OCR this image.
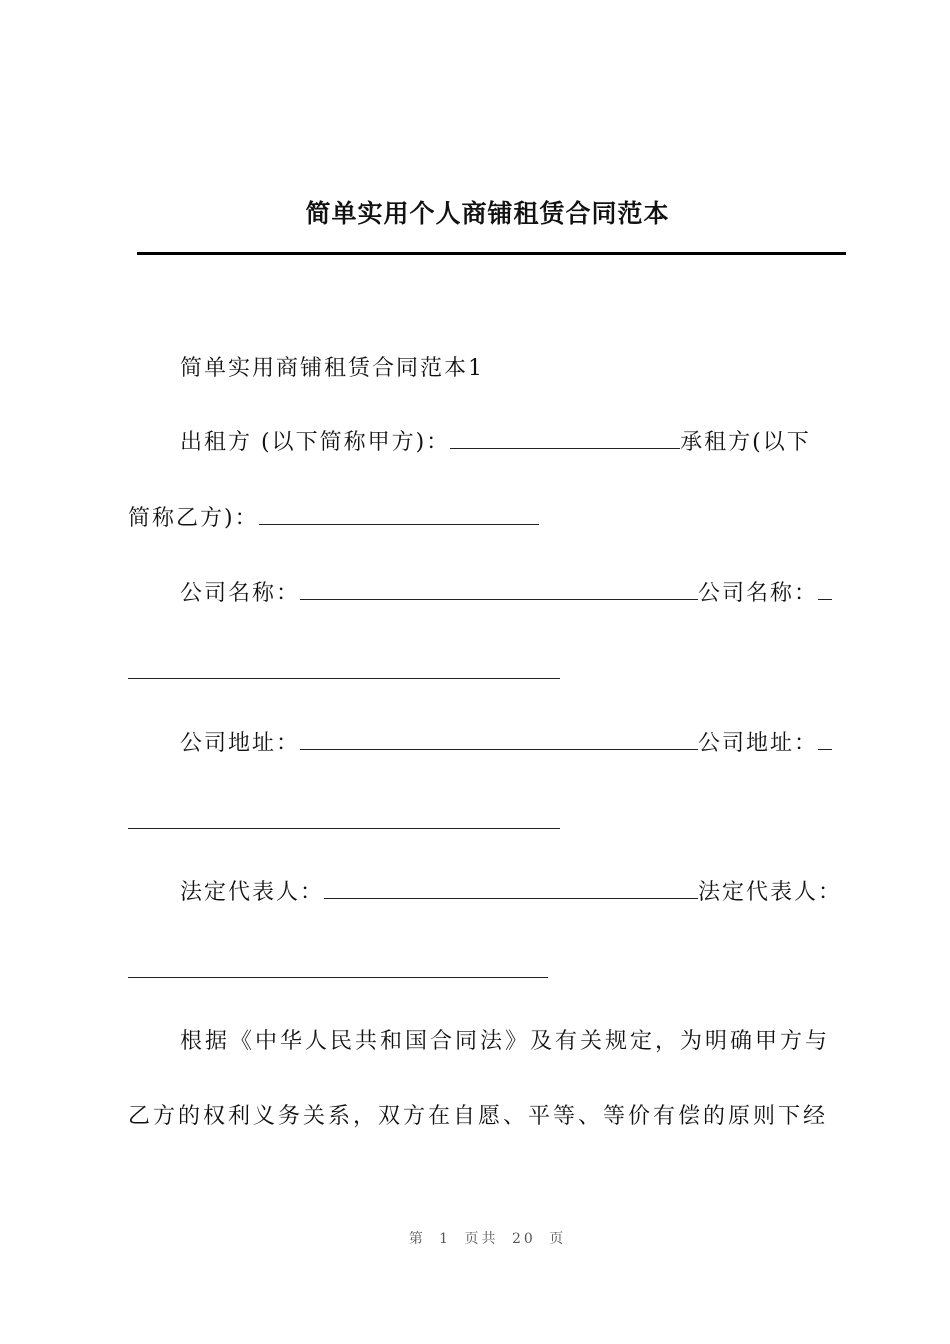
简单实用个人商铺租赁合同范本
简单实用商铺租赁合同范本1
出租方 (以下简称甲方)：	承租方(以下
简称乙方)：
公司名称：	公司名称：
公司地址：	公司地址：
法定代表人：	法定代表人：
根据《中华人民共和国合同法》及有关规定，为明确甲方与
乙方的权利义务关系，双方在自愿、平等、等价有偿的原则下经
第 1 页共 20 页
